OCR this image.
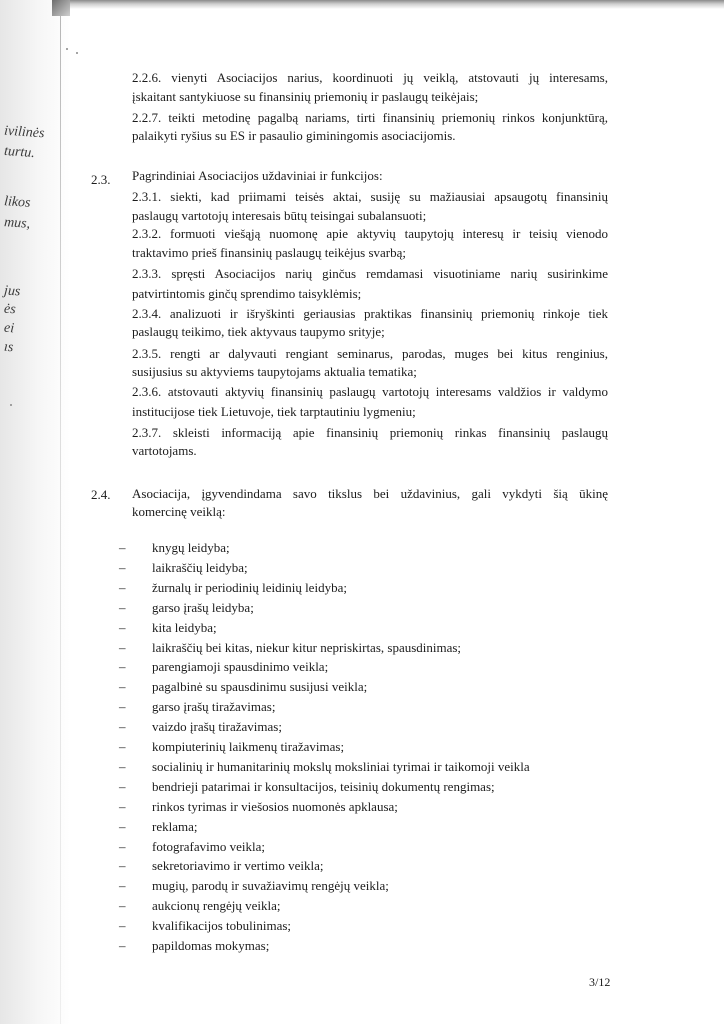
ivilinės
turtu.
likos
mus,
jus
ės
ei
ıs
2.2.6. vienyti Asociacijos narius, koordinuoti jų veiklą, atstovauti jų interesams,
įskaitant santykiuose su finansinių priemonių ir paslaugų teikėjais;
2.2.7. teikti metodinę pagalbą nariams, tirti finansinių priemonių rinkos konjunktūrą,
palaikyti ryšius su ES ir pasaulio giminingomis asociacijomis.
2.3. Pagrindiniai Asociacijos uždaviniai ir funkcijos:
2.3.1. siekti, kad priimami teisės aktai, susiję su mažiausiai apsaugotų finansinių
paslaugų vartotojų interesais būtų teisingai subalansuoti;
2.3.2. formuoti viešąją nuomonę apie aktyvių taupytojų interesų ir teisių vienodo
traktavimo prieš finansinių paslaugų teikėjus svarbą;
2.3.3. spręsti Asociacijos narių ginčus remdamasi visuotiniame narių susirinkime
patvirtintomis ginčų sprendimo taisyklėmis;
2.3.4. analizuoti ir išryškinti geriausias praktikas finansinių priemonių rinkoje tiek
paslaugų teikimo, tiek aktyvaus taupymo srityje;
2.3.5. rengti ar dalyvauti rengiant seminarus, parodas, muges bei kitus renginius,
susijusius su aktyviems taupytojams aktualia tematika;
2.3.6. atstovauti aktyvių finansinių paslaugų vartotojų interesams valdžios ir valdymo
institucijose tiek Lietuvoje, tiek tarptautiniu lygmeniu;
2.3.7. skleisti informaciją apie finansinių priemonių rinkas finansinių paslaugų
vartotojams.
2.4. Asociacija, įgyvendindama savo tikslus bei uždavinius, gali vykdyti šią ūkinę
komercinę veiklą:
– knygų leidyba;
– laikraščių leidyba;
– žurnalų ir periodinių leidinių leidyba;
– garso įrašų leidyba;
– kita leidyba;
– laikraščių bei kitas, niekur kitur nepriskirtas, spausdinimas;
– parengiamoji spausdinimo veikla;
– pagalbinė su spausdinimu susijusi veikla;
– garso įrašų tiražavimas;
– vaizdo įrašų tiražavimas;
– kompiuterinių laikmenų tiražavimas;
– socialinių ir humanitarinių mokslų moksliniai tyrimai ir taikomoji veikla
– bendrieji patarimai ir konsultacijos, teisinių dokumentų rengimas;
– rinkos tyrimas ir viešosios nuomonės apklausa;
– reklama;
– fotografavimo veikla;
– sekretoriavimo ir vertimo veikla;
– mugių, parodų ir suvažiavimų rengėjų veikla;
– aukcionų rengėjų veikla;
– kvalifikacijos tobulinimas;
– papildomas mokymas;
3/12
